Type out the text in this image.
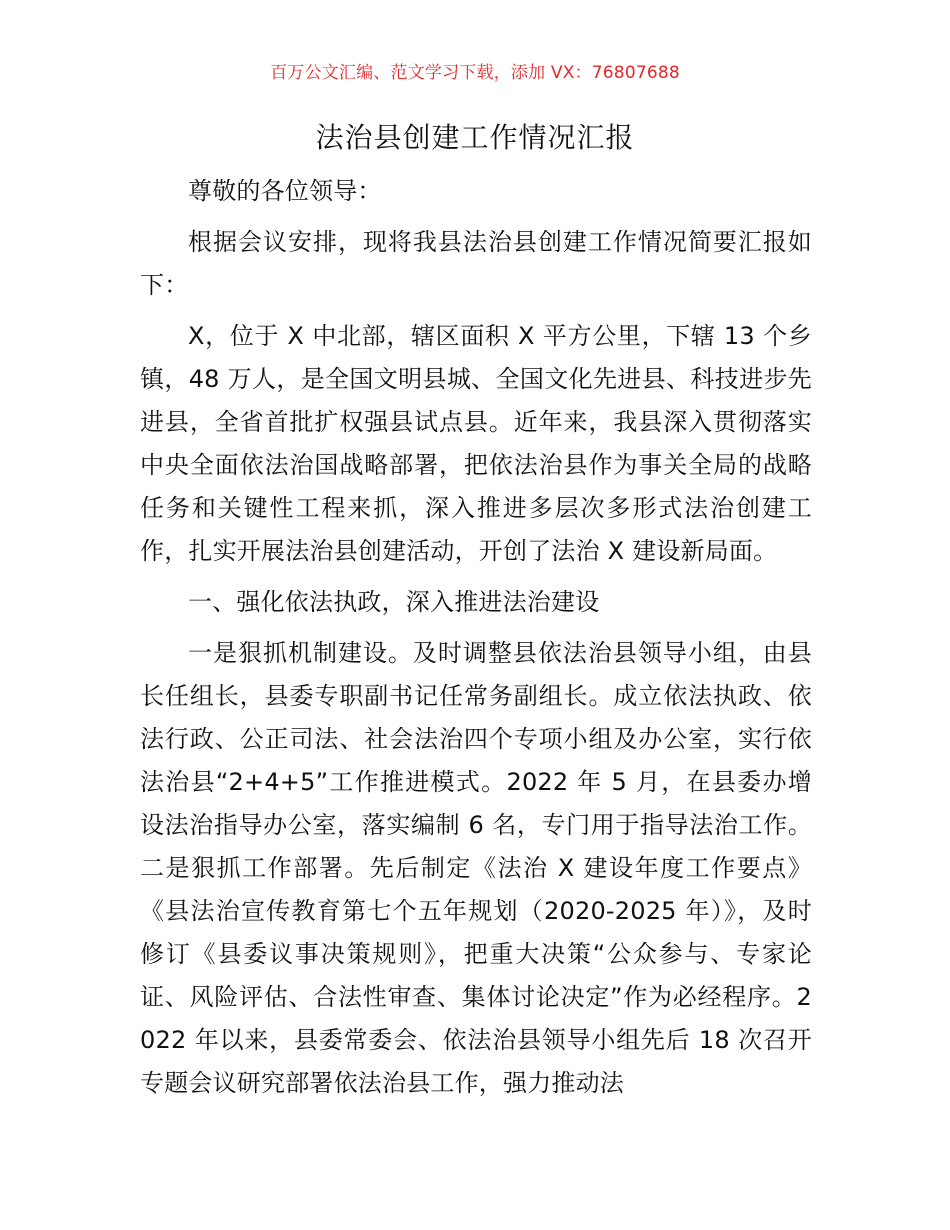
百万公文汇编、范文学习下载，添加 VX：76807688
法治县创建工作情况汇报

尊敬的各位领导：

根据会议安排，现将我县法治县创建工作情况简要汇报如下：

X，位于 X 中北部，辖区面积 X 平方公里，下辖 13 个乡镇，48 万人，是全国文明县城、全国文化先进县、科技进步先进县，全省首批扩权强县试点县。近年来，我县深入贯彻落实中央全面依法治国战略部署，把依法治县作为事关全局的战略任务和关键性工程来抓，深入推进多层次多形式法治创建工作，扎实开展法治县创建活动，开创了法治 X 建设新局面。

一、强化依法执政，深入推进法治建设

一是狠抓机制建设。及时调整县依法治县领导小组，由县长任组长，县委专职副书记任常务副组长。成立依法执政、依法行政、公正司法、社会法治四个专项小组及办公室，实行依法治县“2+4+5”工作推进模式。2022 年 5 月，在县委办增设法治指导办公室，落实编制 6 名，专门用于指导法治工作。二是狠抓工作部署。先后制定《法治 X 建设年度工作要点》《县法治宣传教育第七个五年规划（2020-2025 年）》，及时修订《县委议事决策规则》，把重大决策“公众参与、专家论证、风险评估、合法性审查、集体讨论决定”作为必经程序。2022 年以来，县委常委会、依法治县领导小组先后 18 次召开专题会议研究部署依法治县工作，强力推动法
